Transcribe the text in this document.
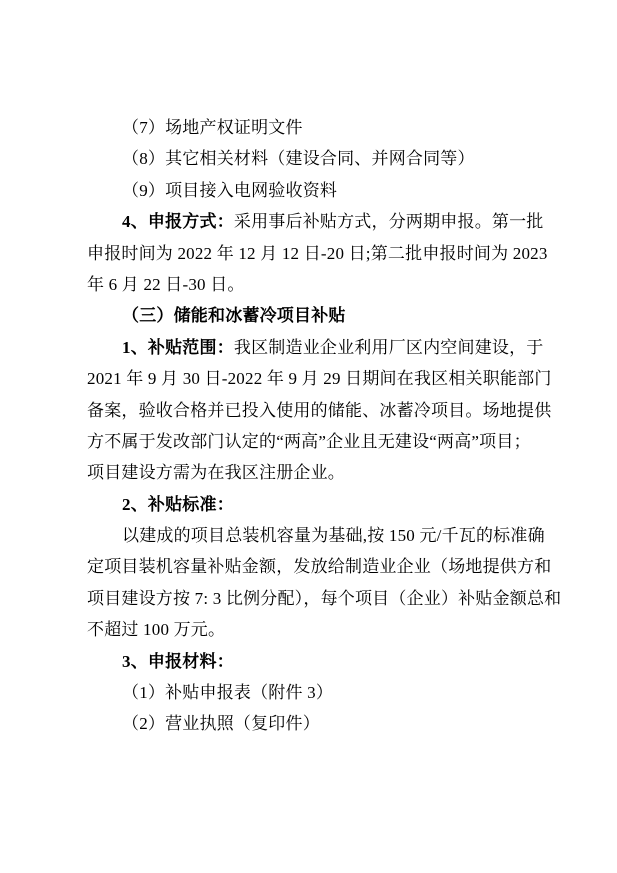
（7）场地产权证明文件
（8）其它相关材料（建设合同、并网合同等）
（9）项目接入电网验收资料
4、申报方式：采用事后补贴方式，分两期申报。第一批
申报时间为 2022 年 12 月 12 日-20 日;第二批申报时间为 2023
年 6 月 22 日-30 日。
（三）储能和冰蓄冷项目补贴
1、补贴范围：我区制造业企业利用厂区内空间建设，于
2021 年 9 月 30 日-2022 年 9 月 29 日期间在我区相关职能部门
备案，验收合格并已投入使用的储能、冰蓄冷项目。场地提供
方不属于发改部门认定的“两高”企业且无建设“两高”项目；
项目建设方需为在我区注册企业。
2、补贴标准：
以建成的项目总装机容量为基础,按 150 元/千瓦的标准确
定项目装机容量补贴金额，发放给制造业企业（场地提供方和
项目建设方按 7: 3 比例分配），每个项目（企业）补贴金额总和
不超过 100 万元。
3、申报材料：
（1）补贴申报表（附件 3）
（2）营业执照（复印件）
